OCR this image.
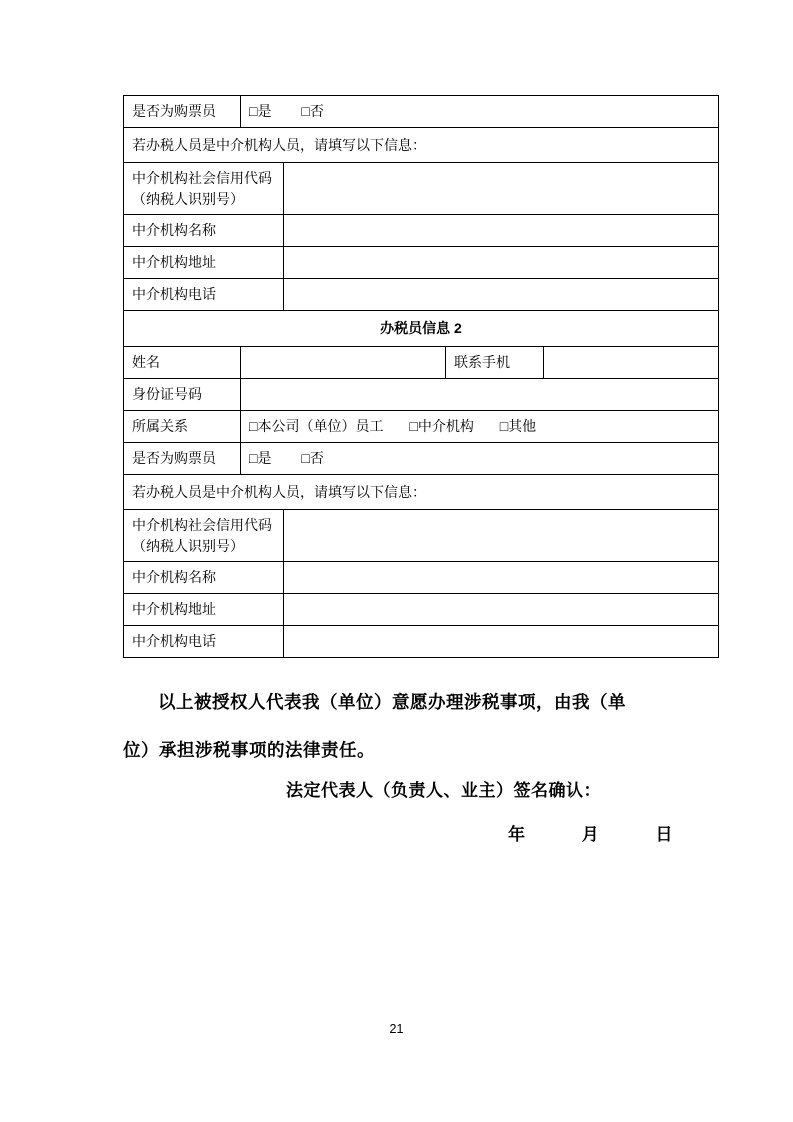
是否为购票员	□是 □否			
若办税人员是中介机构人员，请填写以下信息：				
中介机构社会信用代码（纳税人识别号）				
中介机构名称				
中介机构地址				
中介机构电话				
办税员信息 2				
姓名			联系手机	
身份证号码				
所属关系	□本公司（单位）员工 □中介机构 □其他			
是否为购票员	□是 □否			
若办税人员是中介机构人员，请填写以下信息：				
中介机构社会信用代码（纳税人识别号）				
中介机构名称				
中介机构地址				
中介机构电话				
以上被授权人代表我（单位）意愿办理涉税事项，由我（单位）承担涉税事项的法律责任。
法定代表人（负责人、业主）签名确认：
年	月	日
21
